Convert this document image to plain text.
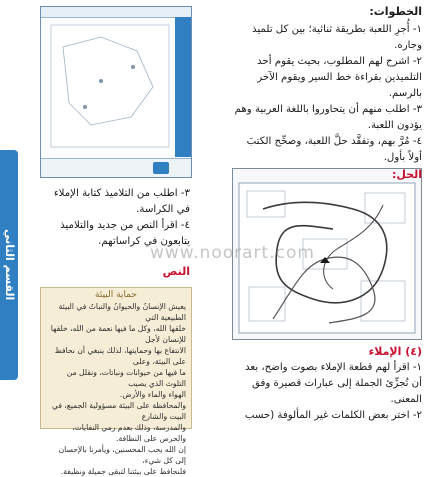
الخطوات:
١- أُجرِ اللعبة بطريقة ثنائية؛ بين كل تلميذ وجاره.
٢- اشرح لهم المطلوب، بحيث يقوم أحد التلميذين بقراءة خط السير ويقوم الآخر بالرسم.
٣- اطلب منهم أن يتحاوروا باللغة العربية وهم يؤدون اللعبة.
٤- مُرَّ بهم، وتفقَّد حلَّ اللعبة، وصحِّح الكتبَ أولاً بأول.
الحل:
(٤) الإملاء
١- اقرأ لهم قطعة الإملاء بصوت واضح، بعد أن تُجزِّئ الجملة إلى عبارات قصيرة وفق المعنى.
٢- اختر بعض الكلمات غير المألوفة (حسب
٣- اطلب من التلاميذ كتابة الإملاء في الكراسة.
٤- اقرأ النص من جديد والتلاميذ يتابعون في كراساتهم.
www.noorart.com
النص
حماية البيئة
يعيش الإنسانُ والحيوانُ والنباتُ في البيئة الطبيعية التي
خلقها الله، وكل ما فيها نعمة من الله، خلقها للإنسان لأجل
الانتفاع بها وحمايتها، لذلك ينبغي أن نحافظ على البيئة، وعلى
ما فيها من حيوانات ونباتات، ونقلل من التلوث الذي يصيب
الهواء والماء والأرض.
والمحافظة على البيئة مسؤولية الجميع، في البيت والشارع
والمدرسة، وذلك بعدم رمي النفايات، والحرص على النظافة.
إن الله يحب المحسنين، ويأمرنا بالإحسان إلى كل شيء،
فلنحافظ على بيئتنا لتبقى جميلة ونظيفة.
القسم الثاني
